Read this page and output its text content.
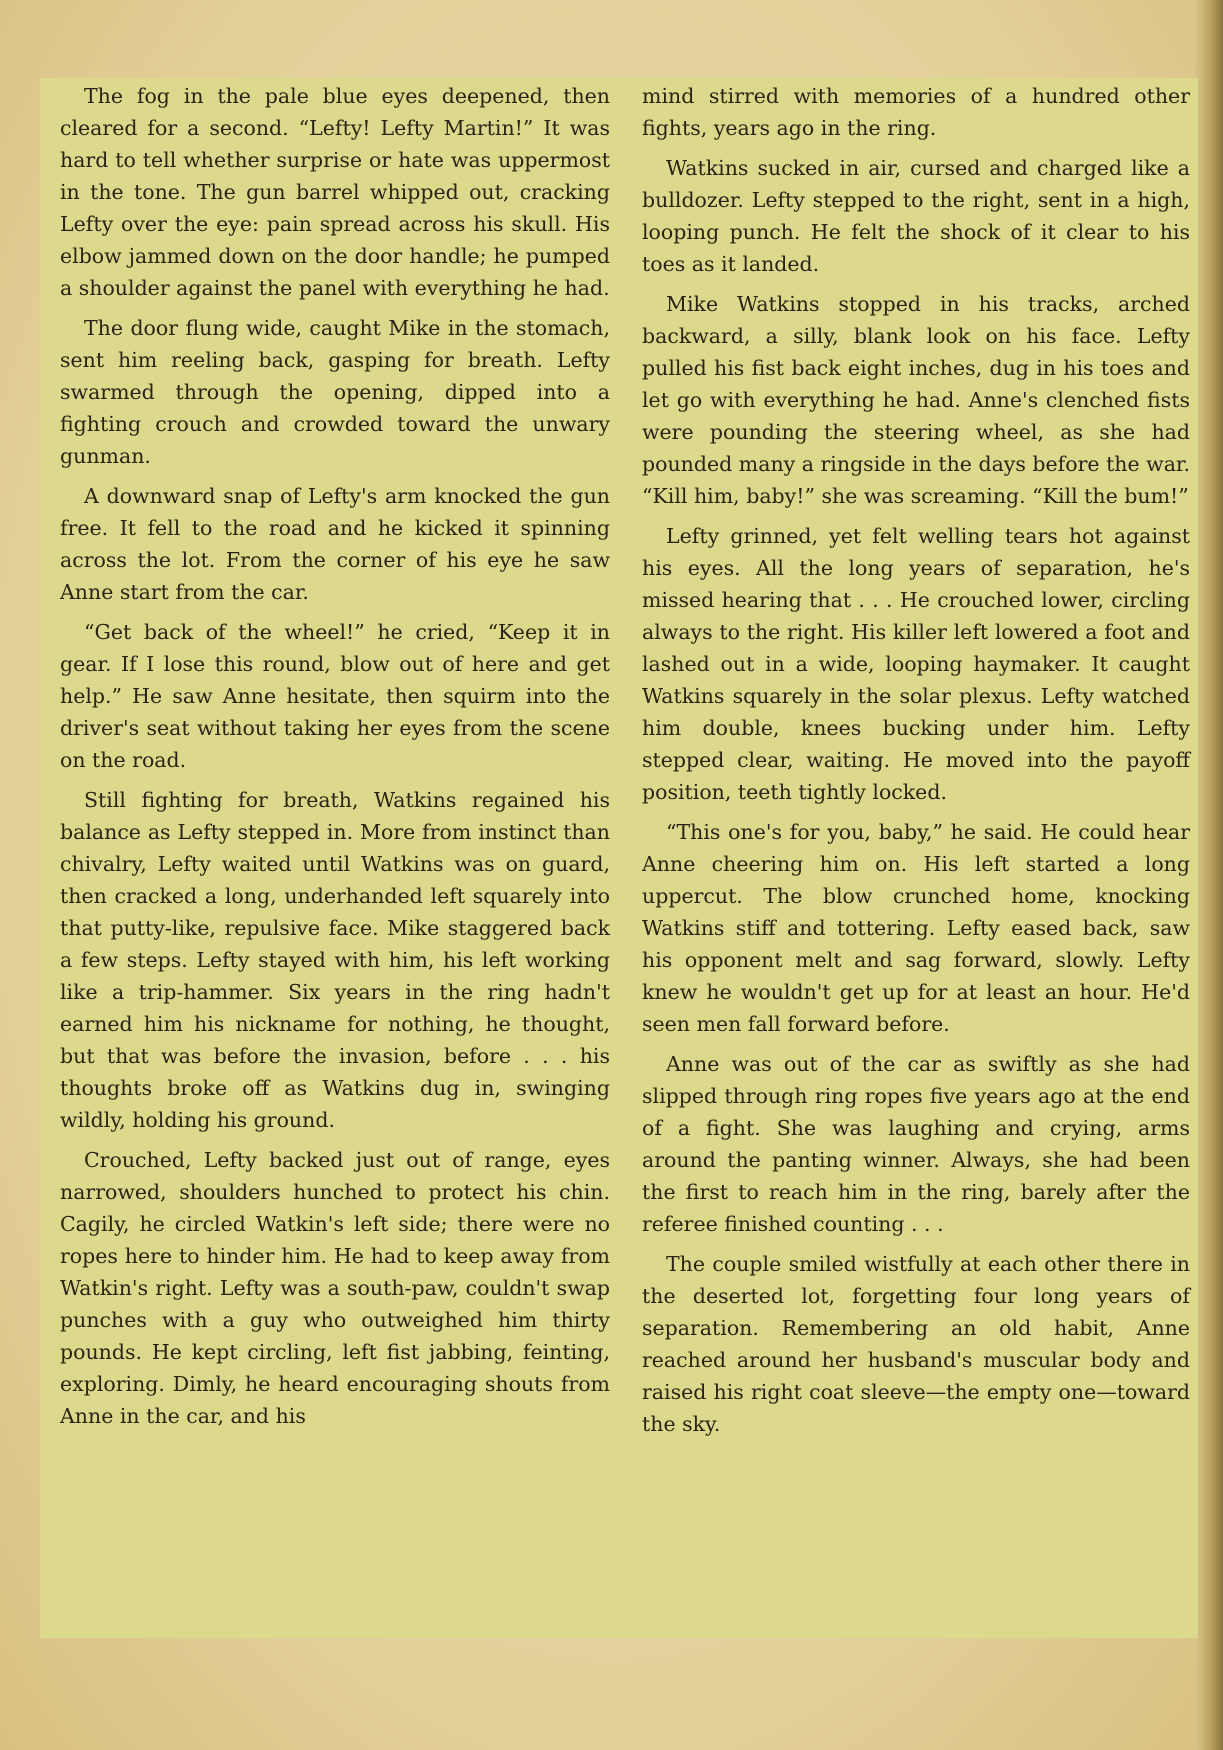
The fog in the pale blue eyes deepened, then cleared for a second. “Lefty! Lefty Martin!” It was hard to tell whether surprise or hate was uppermost in the tone. The gun barrel whipped out, cracking Lefty over the eye: pain spread across his skull. His elbow jammed down on the door handle; he pumped a shoulder against the panel with everything he had.

The door flung wide, caught Mike in the stomach, sent him reeling back, gasping for breath. Lefty swarmed through the opening, dipped into a fighting crouch and crowded toward the unwary gunman.

A downward snap of Lefty's arm knocked the gun free. It fell to the road and he kicked it spinning across the lot. From the corner of his eye he saw Anne start from the car.

“Get back of the wheel!” he cried, “Keep it in gear. If I lose this round, blow out of here and get help.” He saw Anne hesitate, then squirm into the driver's seat without taking her eyes from the scene on the road.

Still fighting for breath, Watkins regained his balance as Lefty stepped in. More from instinct than chivalry, Lefty waited until Watkins was on guard, then cracked a long, underhanded left squarely into that putty-like, repulsive face. Mike staggered back a few steps. Lefty stayed with him, his left working like a trip-hammer. Six years in the ring hadn't earned him his nickname for nothing, he thought, but that was before the invasion, before . . . his thoughts broke off as Watkins dug in, swinging wildly, holding his ground.

Crouched, Lefty backed just out of range, eyes narrowed, shoulders hunched to protect his chin. Cagily, he circled Watkin's left side; there were no ropes here to hinder him. He had to keep away from Watkin's right. Lefty was a south-paw, couldn't swap punches with a guy who outweighed him thirty pounds. He kept circling, left fist jabbing, feinting, exploring. Dimly, he heard encouraging shouts from Anne in the car, and his

mind stirred with memories of a hundred other fights, years ago in the ring.

Watkins sucked in air, cursed and charged like a bulldozer. Lefty stepped to the right, sent in a high, looping punch. He felt the shock of it clear to his toes as it landed.

Mike Watkins stopped in his tracks, arched backward, a silly, blank look on his face. Lefty pulled his fist back eight inches, dug in his toes and let go with everything he had. Anne's clenched fists were pounding the steering wheel, as she had pounded many a ringside in the days before the war. “Kill him, baby!” she was screaming. “Kill the bum!”

Lefty grinned, yet felt welling tears hot against his eyes. All the long years of separation, he's missed hearing that . . . He crouched lower, circling always to the right. His killer left lowered a foot and lashed out in a wide, looping haymaker. It caught Watkins squarely in the solar plexus. Lefty watched him double, knees bucking under him. Lefty stepped clear, waiting. He moved into the payoff position, teeth tightly locked.

“This one's for you, baby,” he said. He could hear Anne cheering him on. His left started a long uppercut. The blow crunched home, knocking Watkins stiff and tottering. Lefty eased back, saw his opponent melt and sag forward, slowly. Lefty knew he wouldn't get up for at least an hour. He'd seen men fall forward before.

Anne was out of the car as swiftly as she had slipped through ring ropes five years ago at the end of a fight. She was laughing and crying, arms around the panting winner. Always, she had been the first to reach him in the ring, barely after the referee finished counting . . .

The couple smiled wistfully at each other there in the deserted lot, forgetting four long years of separation. Remembering an old habit, Anne reached around her husband's muscular body and raised his right coat sleeve—the empty one—toward the sky.
